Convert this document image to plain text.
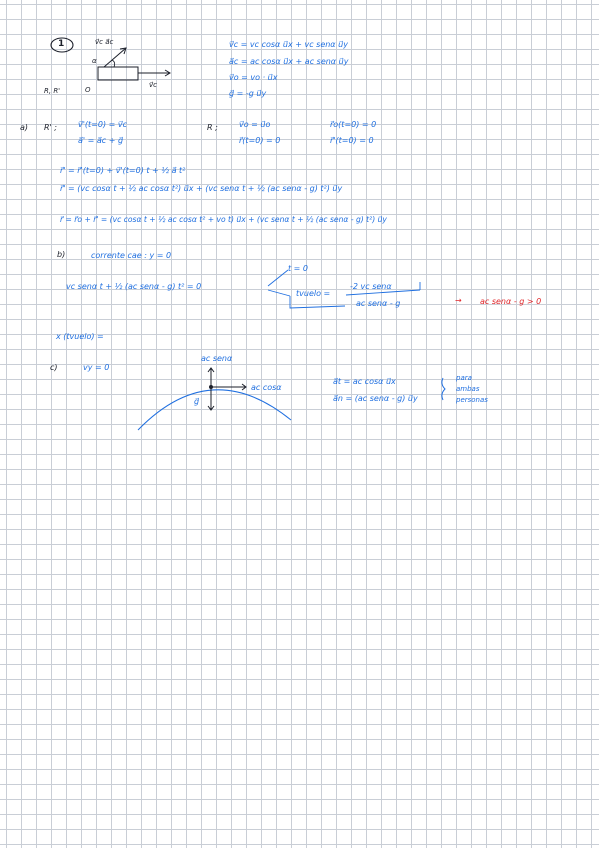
1	v⃗c a⃗c
α
v⃗c
R, R'	O
v⃗c = vc cosα u⃗x + vc senα u⃗y
a⃗c = ac cosα u⃗x + ac senα u⃗y
v⃗o = vo · u⃗x
g⃗ = -g u⃗y
a) R' ;	v⃗'(t=0) = v⃗c
a⃗' = a⃗c + g⃗
R ;	v⃗o = u⃗o
r⃗(t=0) = 0
r⃗o(t=0) = 0
r⃗'(t=0) = 0
r⃗' = r⃗'(t=0) + v⃗'(t=0) t + ½ a⃗ t²
r⃗' = (vc cosα t + ½ ac cosα t²) u⃗x + (vc senα t + ½ (ac senα - g) t²) u⃗y
r⃗ = r⃗o + r⃗' = (vc cosα t + ½ ac cosα t² + vo t) u⃗x + (vc senα t + ½ (ac senα - g) t²) u⃗y
b)	corrente cae : y = 0
vc senα t + ½ (ac senα - g) t² = 0
t = 0
tvuelo =
-2 vc senα
ac senα - g	→ ac senα - g > 0
x (tvuelo) =
c)	vy = 0
ac senα
ac cosα
g⃗
a⃗t = ac cosα u⃗x
a⃗n = (ac senα - g) u⃗y
para
ambas
personas
